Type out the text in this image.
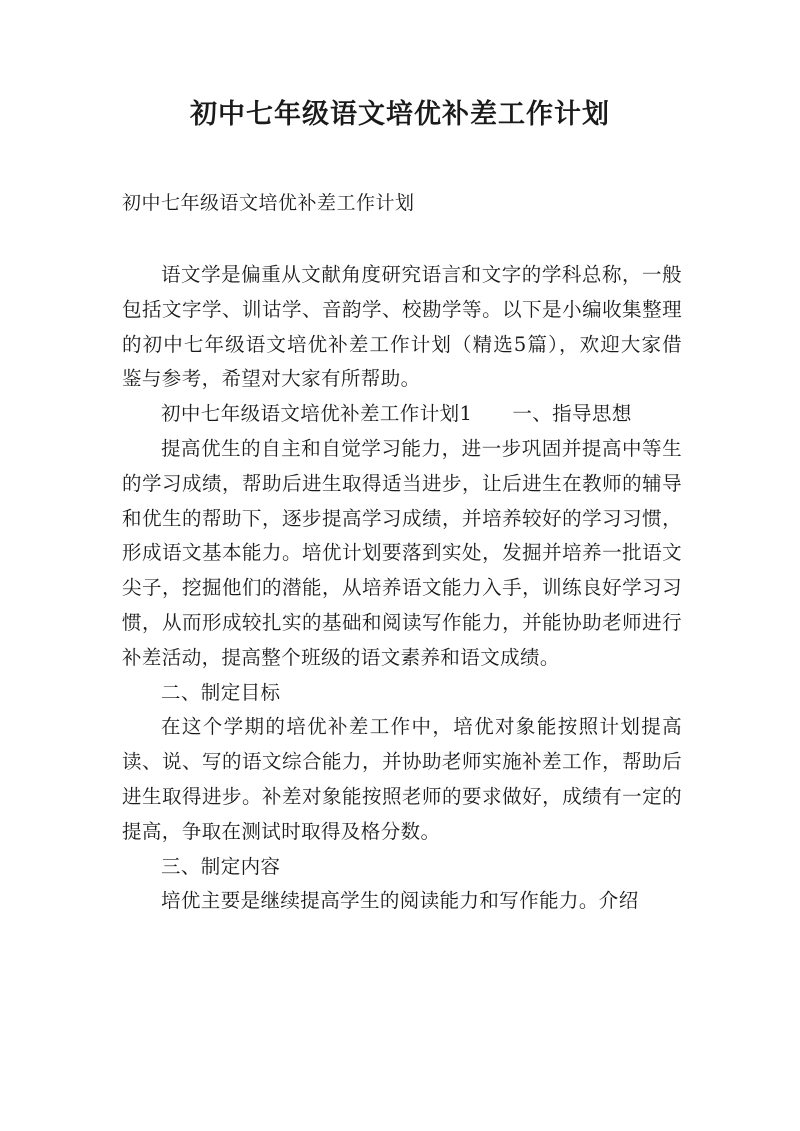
初中七年级语文培优补差工作计划

初中七年级语文培优补差工作计划

语文学是偏重从文献角度研究语言和文字的学科总称，一般包括文字学、训诂学、音韵学、校勘学等。以下是小编收集整理的初中七年级语文培优补差工作计划（精选5篇），欢迎大家借鉴与参考，希望对大家有所帮助。

初中七年级语文培优补差工作计划1 一、指导思想

提高优生的自主和自觉学习能力，进一步巩固并提高中等生的学习成绩，帮助后进生取得适当进步，让后进生在教师的辅导和优生的帮助下，逐步提高学习成绩，并培养较好的学习习惯，形成语文基本能力。培优计划要落到实处，发掘并培养一批语文尖子，挖掘他们的潜能，从培养语文能力入手，训练良好学习习惯，从而形成较扎实的基础和阅读写作能力，并能协助老师进行补差活动，提高整个班级的语文素养和语文成绩。

二、制定目标

在这个学期的培优补差工作中，培优对象能按照计划提高读、说、写的语文综合能力，并协助老师实施补差工作，帮助后进生取得进步。补差对象能按照老师的要求做好，成绩有一定的提高，争取在测试时取得及格分数。

三、制定内容

培优主要是继续提高学生的阅读能力和写作能力。介绍
